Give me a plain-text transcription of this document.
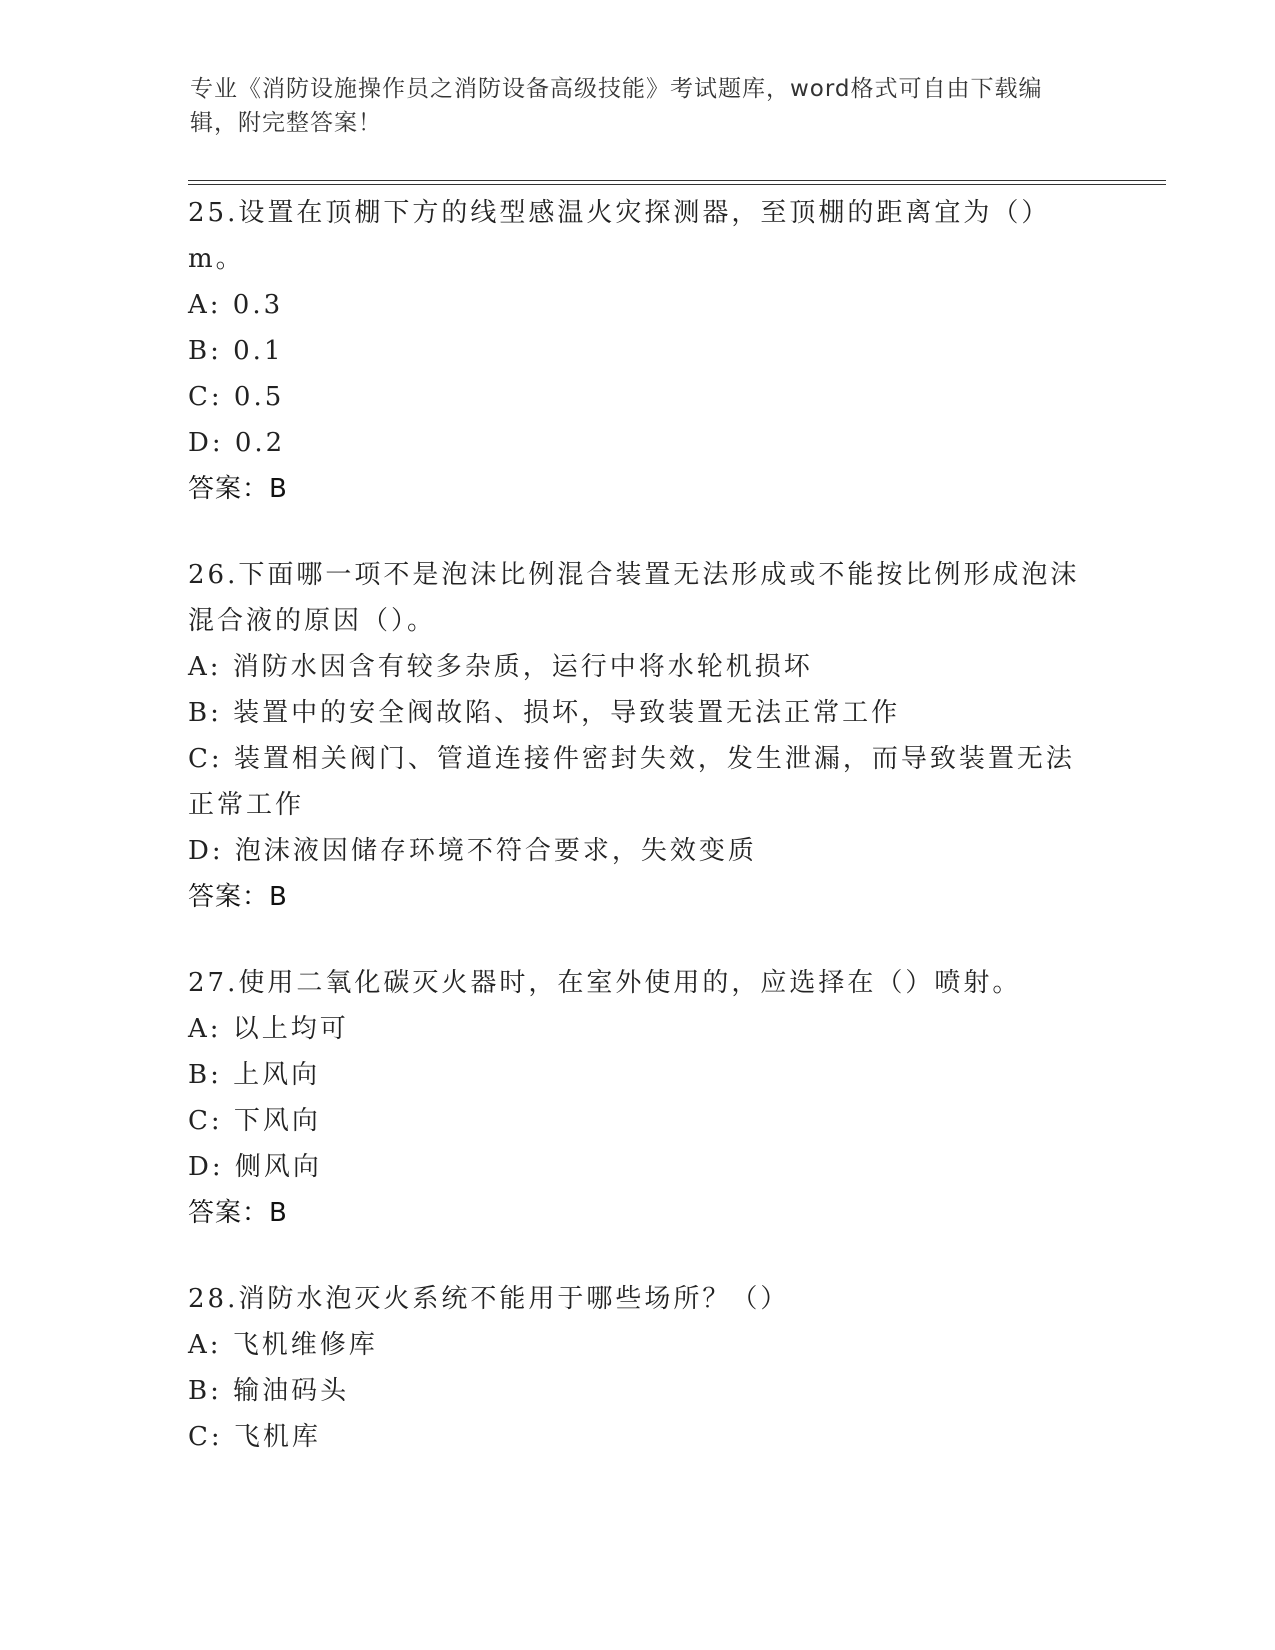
专业《消防设施操作员之消防设备高级技能》考试题库，word格式可自由下载编辑，附完整答案！
25.设置在顶棚下方的线型感温火灾探测器，至顶棚的距离宜为（）m。
A: 0.3
B: 0.1
C: 0.5
D: 0.2
答案：B
26.下面哪一项不是泡沫比例混合装置无法形成或不能按比例形成泡沫混合液的原因（）。
A: 消防水因含有较多杂质，运行中将水轮机损坏
B: 装置中的安全阀故陷、损坏，导致装置无法正常工作
C: 装置相关阀门、管道连接件密封失效，发生泄漏，而导致装置无法正常工作
D: 泡沫液因储存环境不符合要求，失效变质
答案：B
27.使用二氧化碳灭火器时，在室外使用的，应选择在（）喷射。
A: 以上均可
B: 上风向
C: 下风向
D: 侧风向
答案：B
28.消防水泡灭火系统不能用于哪些场所？（）
A: 飞机维修库
B: 输油码头
C: 飞机库
